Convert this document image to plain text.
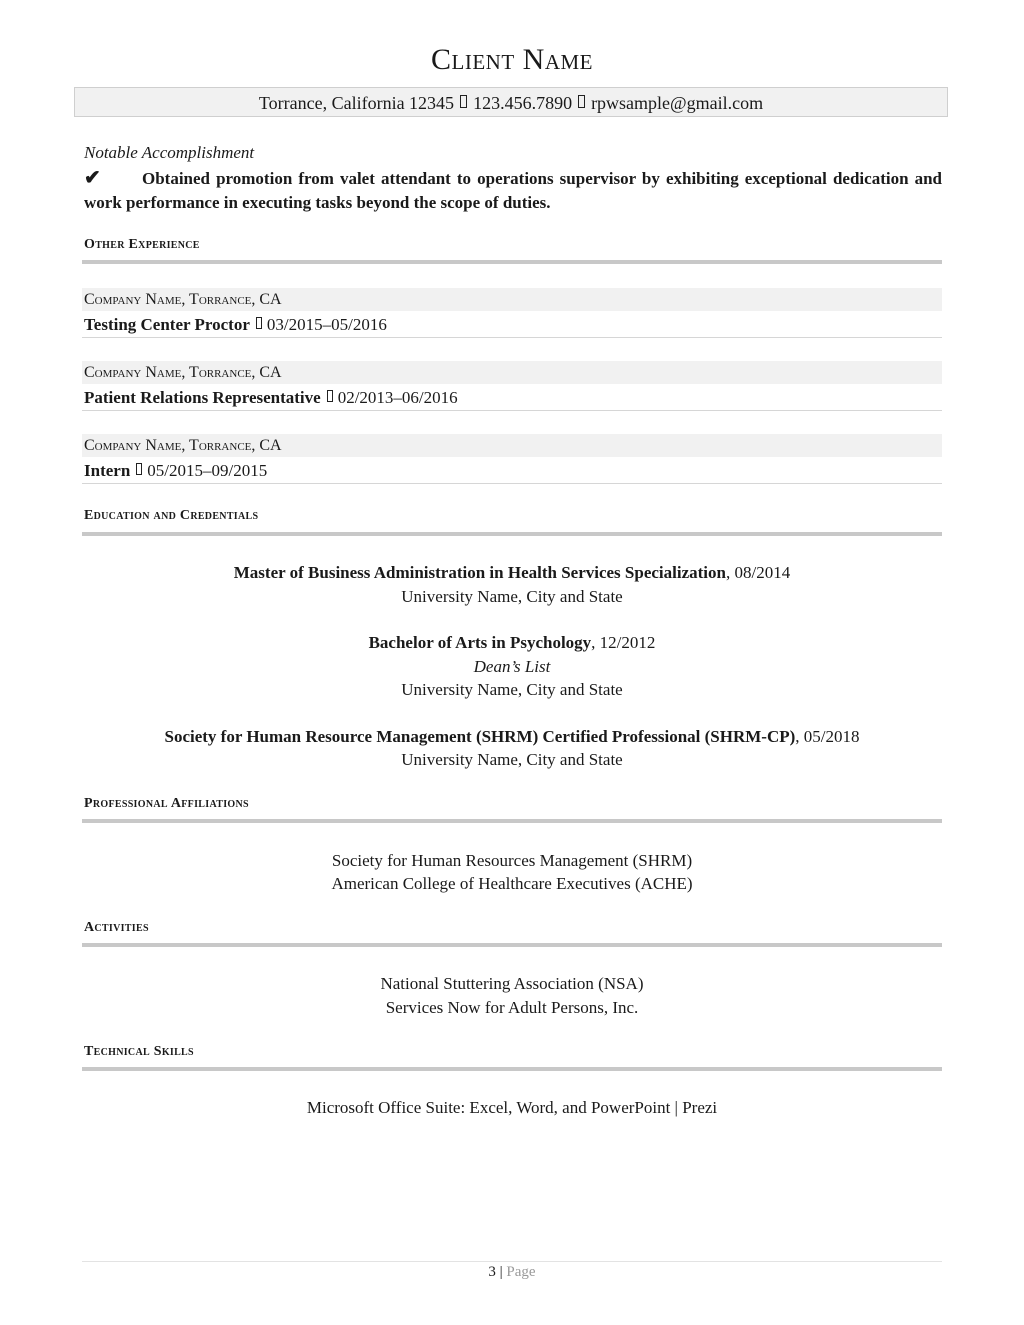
Client Name
Torrance, California 12345 123.456.7890 rpwsample@gmail.com
Notable Accomplishment
✔ Obtained promotion from valet attendant to operations supervisor by exhibiting exceptional dedication and work performance in executing tasks beyond the scope of duties.
Other Experience
Company Name, Torrance, CA
Testing Center Proctor 03/2015–05/2016
Company Name, Torrance, CA
Patient Relations Representative 02/2013–06/2016
Company Name, Torrance, CA
Intern 05/2015–09/2015
Education and Credentials
Master of Business Administration in Health Services Specialization, 08/2014
University Name, City and State
Bachelor of Arts in Psychology, 12/2012
Dean’s List
University Name, City and State
Society for Human Resource Management (SHRM) Certified Professional (SHRM-CP), 05/2018
University Name, City and State
Professional Affiliations
Society for Human Resources Management (SHRM)
American College of Healthcare Executives (ACHE)
Activities
National Stuttering Association (NSA)
Services Now for Adult Persons, Inc.
Technical Skills
Microsoft Office Suite: Excel, Word, and PowerPoint | Prezi
3 | Page
